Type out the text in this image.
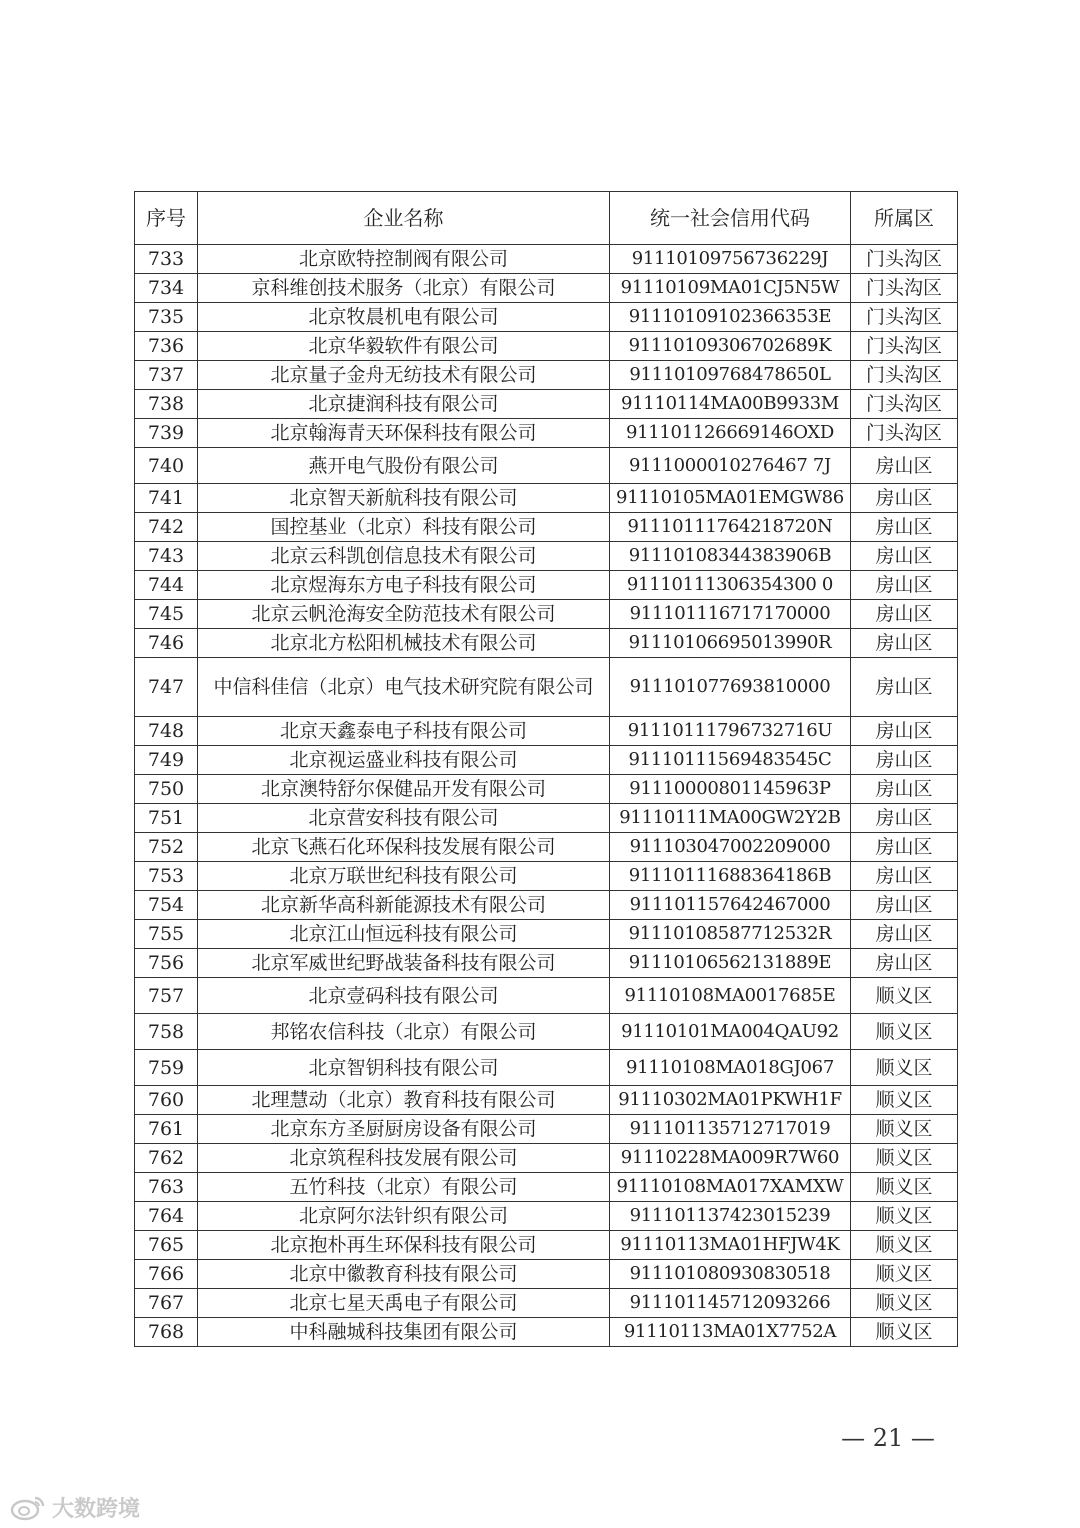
序号	企业名称	统一社会信用代码	所属区
733	北京欧特控制阀有限公司	91110109756736229J	门头沟区
734	京科维创技术服务（北京）有限公司	91110109MA01CJ5N5W	门头沟区
735	北京牧晨机电有限公司	91110109102366353E	门头沟区
736	北京华毅软件有限公司	91110109306702689K	门头沟区
737	北京量子金舟无纺技术有限公司	91110109768478650L	门头沟区
738	北京捷润科技有限公司	91110114MA00B9933M	门头沟区
739	北京翰海青天环保科技有限公司	911101126669146OXD	门头沟区
740	燕开电气股份有限公司	9111000010276467 7J	房山区
741	北京智天新航科技有限公司	91110105MA01EMGW86	房山区
742	国控基业（北京）科技有限公司	91110111764218720N	房山区
743	北京云科凯创信息技术有限公司	91110108344383906B	房山区
744	北京煜海东方电子科技有限公司	91110111306354300 0	房山区
745	北京云帆沧海安全防范技术有限公司	911101116717170000	房山区
746	北京北方松阳机械技术有限公司	91110106695013990R	房山区
747	中信科佳信（北京）电气技术研究院有限公司	911101077693810000	房山区
748	北京天鑫泰电子科技有限公司	91110111796732716U	房山区
749	北京视运盛业科技有限公司	91110111569483545C	房山区
750	北京澳特舒尔保健品开发有限公司	91110000801145963P	房山区
751	北京营安科技有限公司	91110111MA00GW2Y2B	房山区
752	北京飞燕石化环保科技发展有限公司	911103047002209000	房山区
753	北京万联世纪科技有限公司	91110111688364186B	房山区
754	北京新华高科新能源技术有限公司	911101157642467000	房山区
755	北京江山恒远科技有限公司	91110108587712532R	房山区
756	北京军威世纪野战装备科技有限公司	91110106562131889E	房山区
757	北京壹码科技有限公司	91110108MA0017685E	顺义区
758	邦铭农信科技（北京）有限公司	91110101MA004QAU92	顺义区
759	北京智钥科技有限公司	91110108MA018GJ067	顺义区
760	北理慧动（北京）教育科技有限公司	91110302MA01PKWH1F	顺义区
761	北京东方圣厨厨房设备有限公司	911101135712717019	顺义区
762	北京筑程科技发展有限公司	91110228MA009R7W60	顺义区
763	五竹科技（北京）有限公司	91110108MA017XAMXW	顺义区
764	北京阿尔法针织有限公司	911101137423015239	顺义区
765	北京抱朴再生环保科技有限公司	91110113MA01HFJW4K	顺义区
766	北京中徽教育科技有限公司	911101080930830518	顺义区
767	北京七星天禹电子有限公司	911101145712093266	顺义区
768	中科融城科技集团有限公司	91110113MA01X7752A	顺义区
— 21 —
大数跨境
